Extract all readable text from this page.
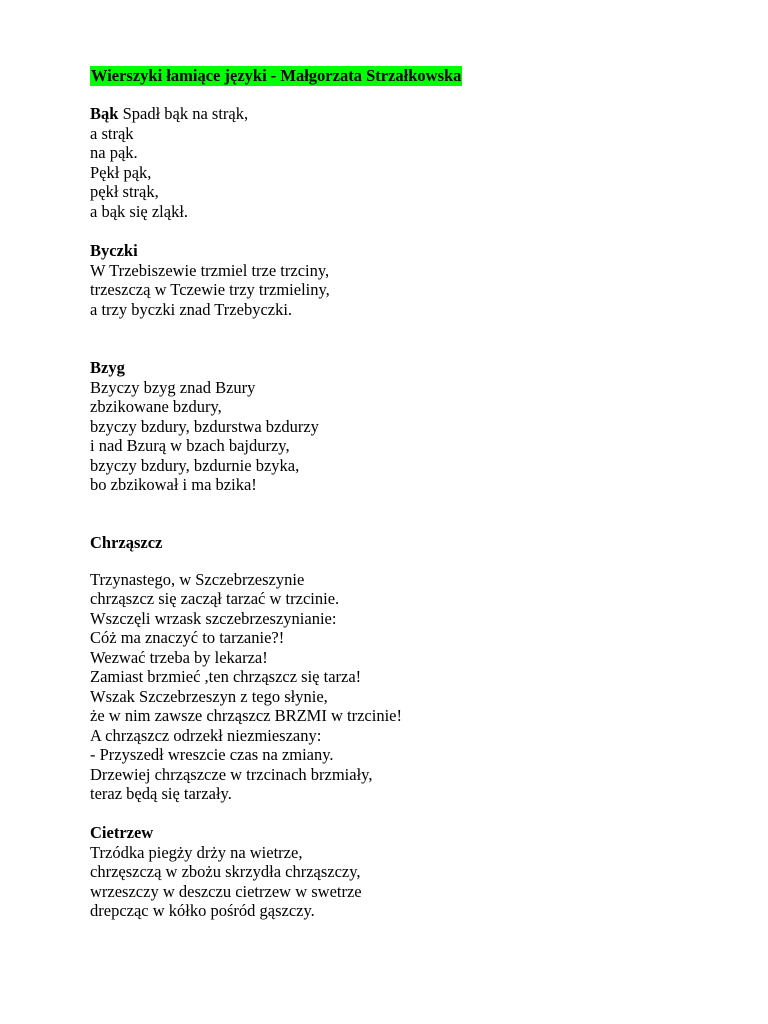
Wierszyki łamiące języki - Małgorzata Strzałkowska
Bąk Spadł bąk na strąk,
a strąk
na pąk.
Pękł pąk,
pękł strąk,
a bąk się zląkł.
Byczki
W Trzebiszewie trzmiel trze trzciny,
trzeszczą w Tczewie trzy trzmieliny,
a trzy byczki znad Trzebyczki.
Bzyg
Bzyczy bzyg znad Bzury
zbzikowane bzdury,
bzyczy bzdury, bzdurstwa bzdurzy
i nad Bzurą w bzach bajdurzy,
bzyczy bzdury, bzdurnie bzyka,
bo zbzikował i ma bzika!
Chrząszcz
Trzynastego, w Szczebrzeszynie
chrząszcz się zaczął tarzać w trzcinie.
Wszczęli wrzask szczebrzeszynianie:
Cóż ma znaczyć to tarzanie?!
Wezwać trzeba by lekarza!
Zamiast brzmieć ,ten chrząszcz się tarza!
Wszak Szczebrzeszyn z tego słynie,
że w nim zawsze chrząszcz BRZMI w trzcinie!
A chrząszcz odrzekł niezmieszany:
- Przyszedł wreszcie czas na zmiany.
Drzewiej chrząszcze w trzcinach brzmiały,
teraz będą się tarzały.
Cietrzew
Trzódka piegży drży na wietrze,
chrzęszczą w zbożu skrzydła chrząszczy,
wrzeszczy w deszczu cietrzew w swetrze
drepcząc w kółko pośród gąszczy.
